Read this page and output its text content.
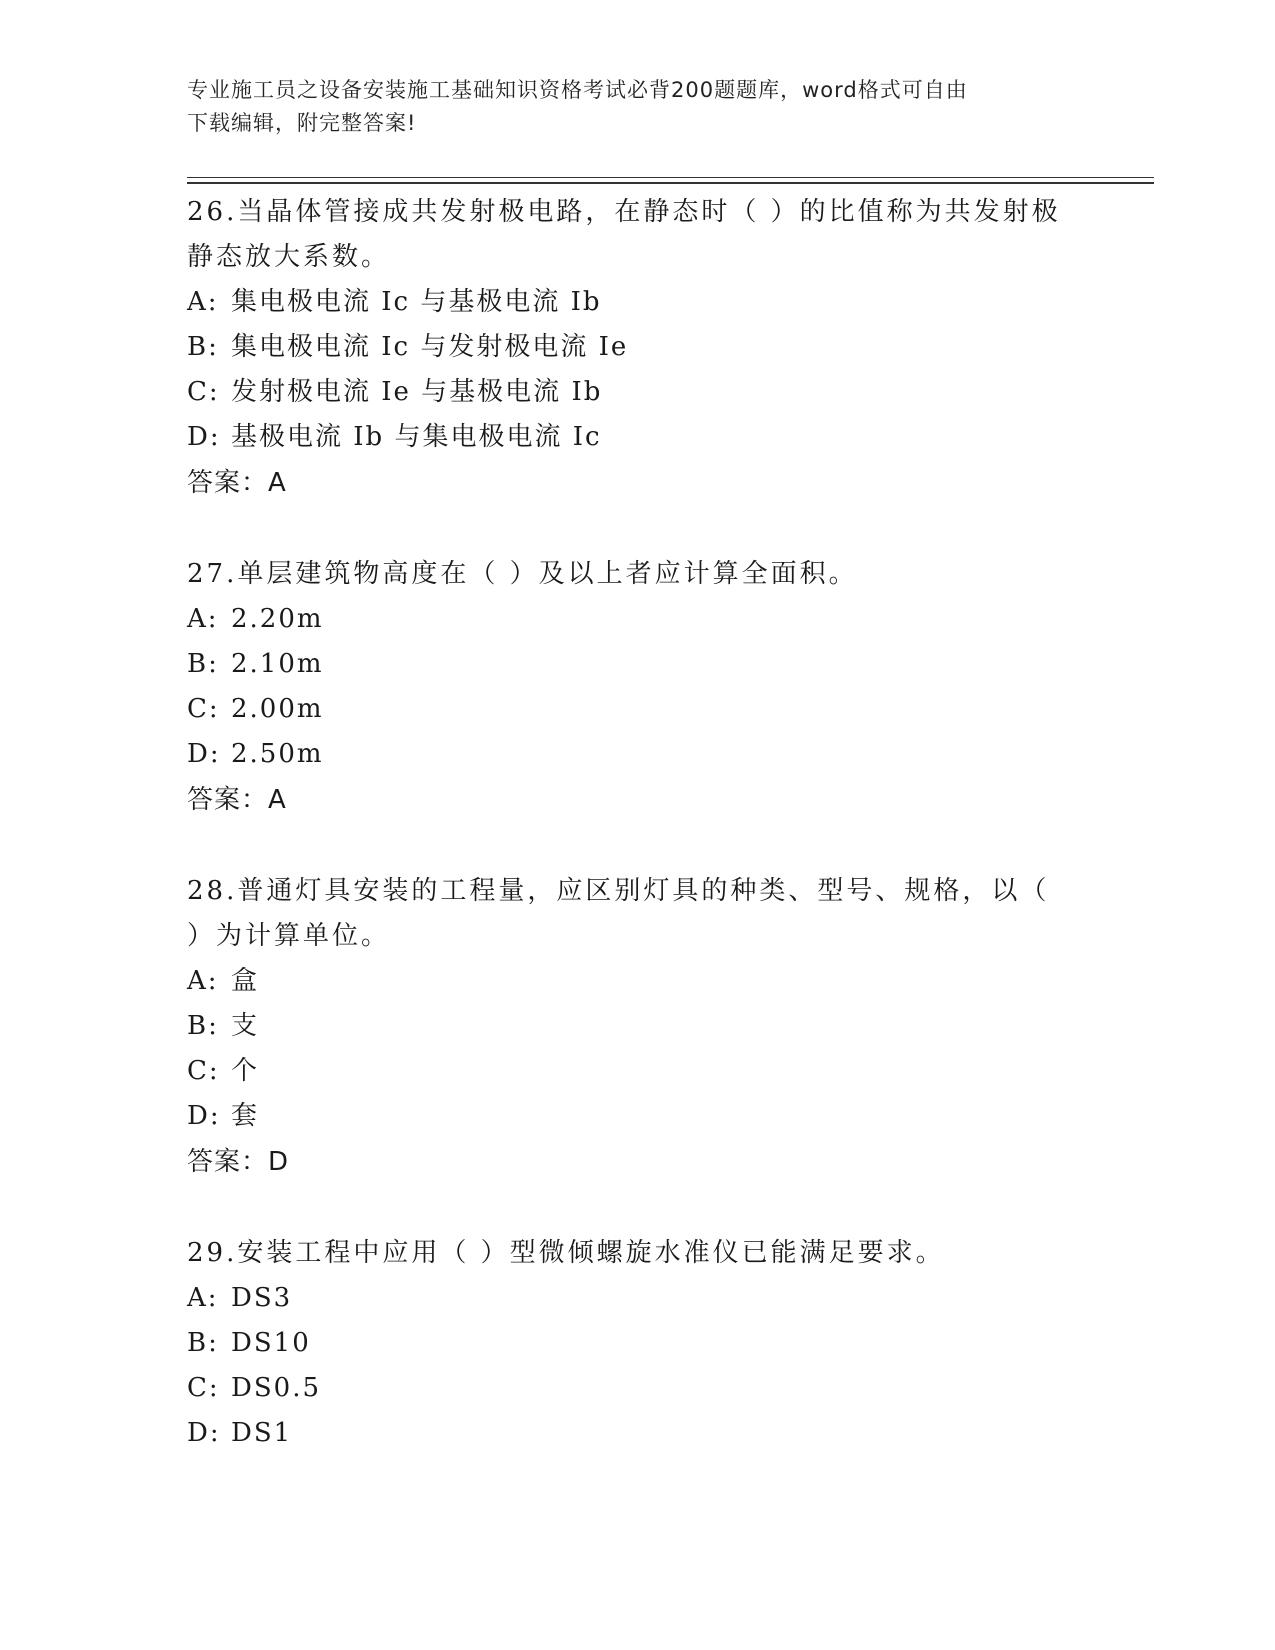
专业施工员之设备安装施工基础知识资格考试必背200题题库，word格式可自由
下载编辑，附完整答案!
26.当晶体管接成共发射极电路，在静态时（ ）的比值称为共发射极
静态放大系数。
A: 集电极电流 Ic 与基极电流 Ib
B: 集电极电流 Ic 与发射极电流 Ie
C: 发射极电流 Ie 与基极电流 Ib
D: 基极电流 Ib 与集电极电流 Ic
答案：A
27.单层建筑物高度在（ ）及以上者应计算全面积。
A: 2.20m
B: 2.10m
C: 2.00m
D: 2.50m
答案：A
28.普通灯具安装的工程量，应区别灯具的种类、型号、规格，以（
）为计算单位。
A: 盒
B: 支
C: 个
D: 套
答案：D
29.安装工程中应用（ ）型微倾螺旋水准仪已能满足要求。
A: DS3
B: DS10
C: DS0.5
D: DS1
